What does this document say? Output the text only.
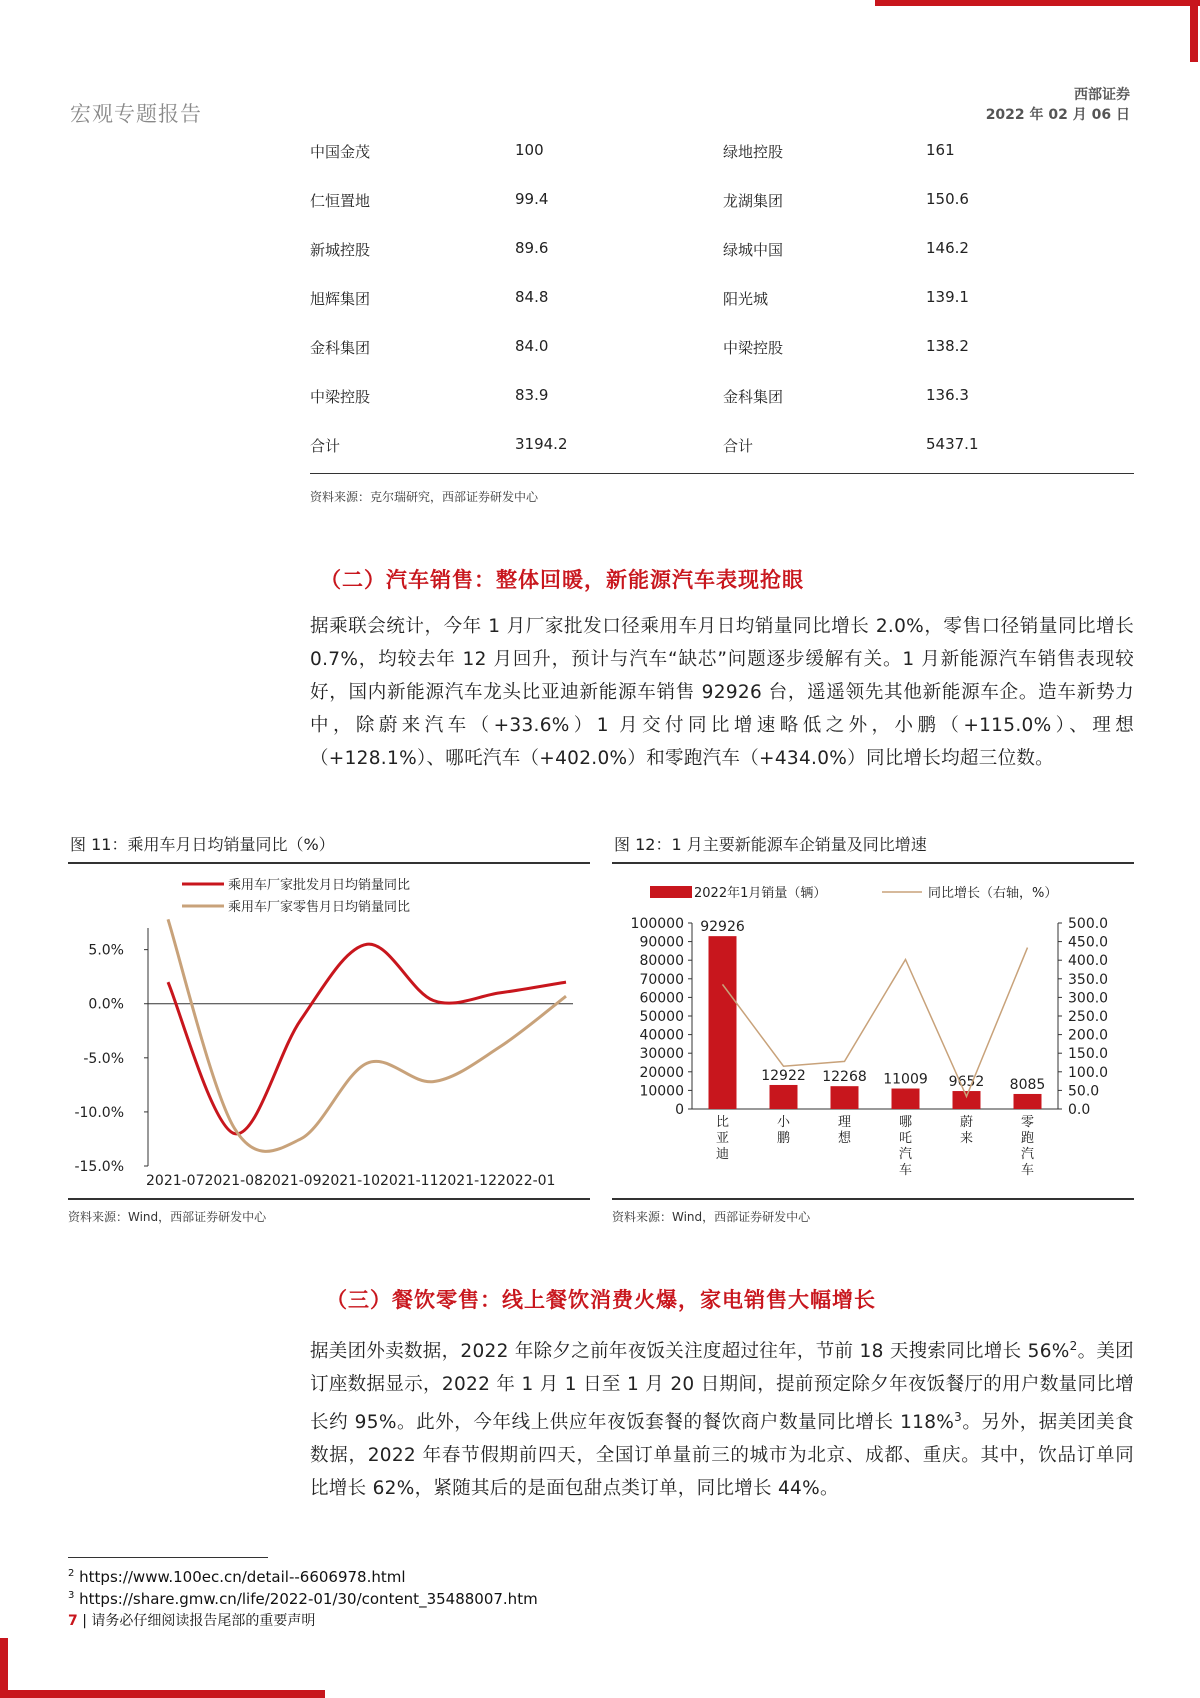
宏观专题报告
西部证券
2022 年 02 月 06 日
中国金茂	100	绿地控股	161
仁恒置地	99.4	龙湖集团	150.6
新城控股	89.6	绿城中国	146.2
旭辉集团	84.8	阳光城	139.1
金科集团	84.0	中梁控股	138.2
中梁控股	83.9	金科集团	136.3
合计	3194.2	合计	5437.1
资料来源：克尔瑞研究，西部证券研发中心
（二）汽车销售：整体回暖，新能源汽车表现抢眼
据乘联会统计，今年 1 月厂家批发口径乘用车月日均销量同比增长 2.0%，零售口径销量同比增长 0.7%，均较去年 12 月回升，预计与汽车“缺芯”问题逐步缓解有关。1 月新能源汽车销售表现较好，国内新能源汽车龙头比亚迪新能源车销售 92926 台，遥遥领先其他新能源车企。造车新势力中，除蔚来汽车（+33.6%）1 月交付同比增速略低之外，小鹏（+115.0%）、理想（+128.1%）、哪吒汽车（+402.0%）和零跑汽车（+434.0%）同比增长均超三位数。
图 11：乘用车月日均销量同比（%）
乘用车厂家批发月日均销量同比
乘用车厂家零售月日均销量同比
5.0%
0.0%
-5.0%
-10.0%
-15.0%
2021-072021-082021-092021-102021-112021-122022-01
资料来源：Wind，西部证券研发中心
图 12：1 月主要新能源车企销量及同比增速
2022年1月销量（辆）	同比增长（右轴，%）
100000
90000
80000
70000
60000
50000
40000
30000
20000
10000
0
500.0
450.0
400.0
350.0
300.0
250.0
200.0
150.0
100.0
50.0
0.0
92926
12922 12268 11009 9652 8085
比亚迪
小鹏
理想
哪吒汽车
蔚来
零跑汽车
资料来源：Wind，西部证券研发中心
（三）餐饮零售：线上餐饮消费火爆，家电销售大幅增长
据美团外卖数据，2022 年除夕之前年夜饭关注度超过往年，节前 18 天搜索同比增长 56%$^2$。美团订座数据显示，2022 年 1 月 1 日至 1 月 20 日期间，提前预定除夕年夜饭餐厅的用户数量同比增长约 95%。此外，今年线上供应年夜饭套餐的餐饮商户数量同比增长 118%$^3$。另外，据美团美食数据，2022 年春节假期前四天，全国订单量前三的城市为北京、成都、重庆。其中，饮品订单同比增长 62%，紧随其后的是面包甜点类订单，同比增长 44%。
$^2$ https://www.100ec.cn/detail--6606978.html
$^3$ https://share.gmw.cn/life/2022-01/30/content_35488007.htm
7 | 请务必仔细阅读报告尾部的重要声明
